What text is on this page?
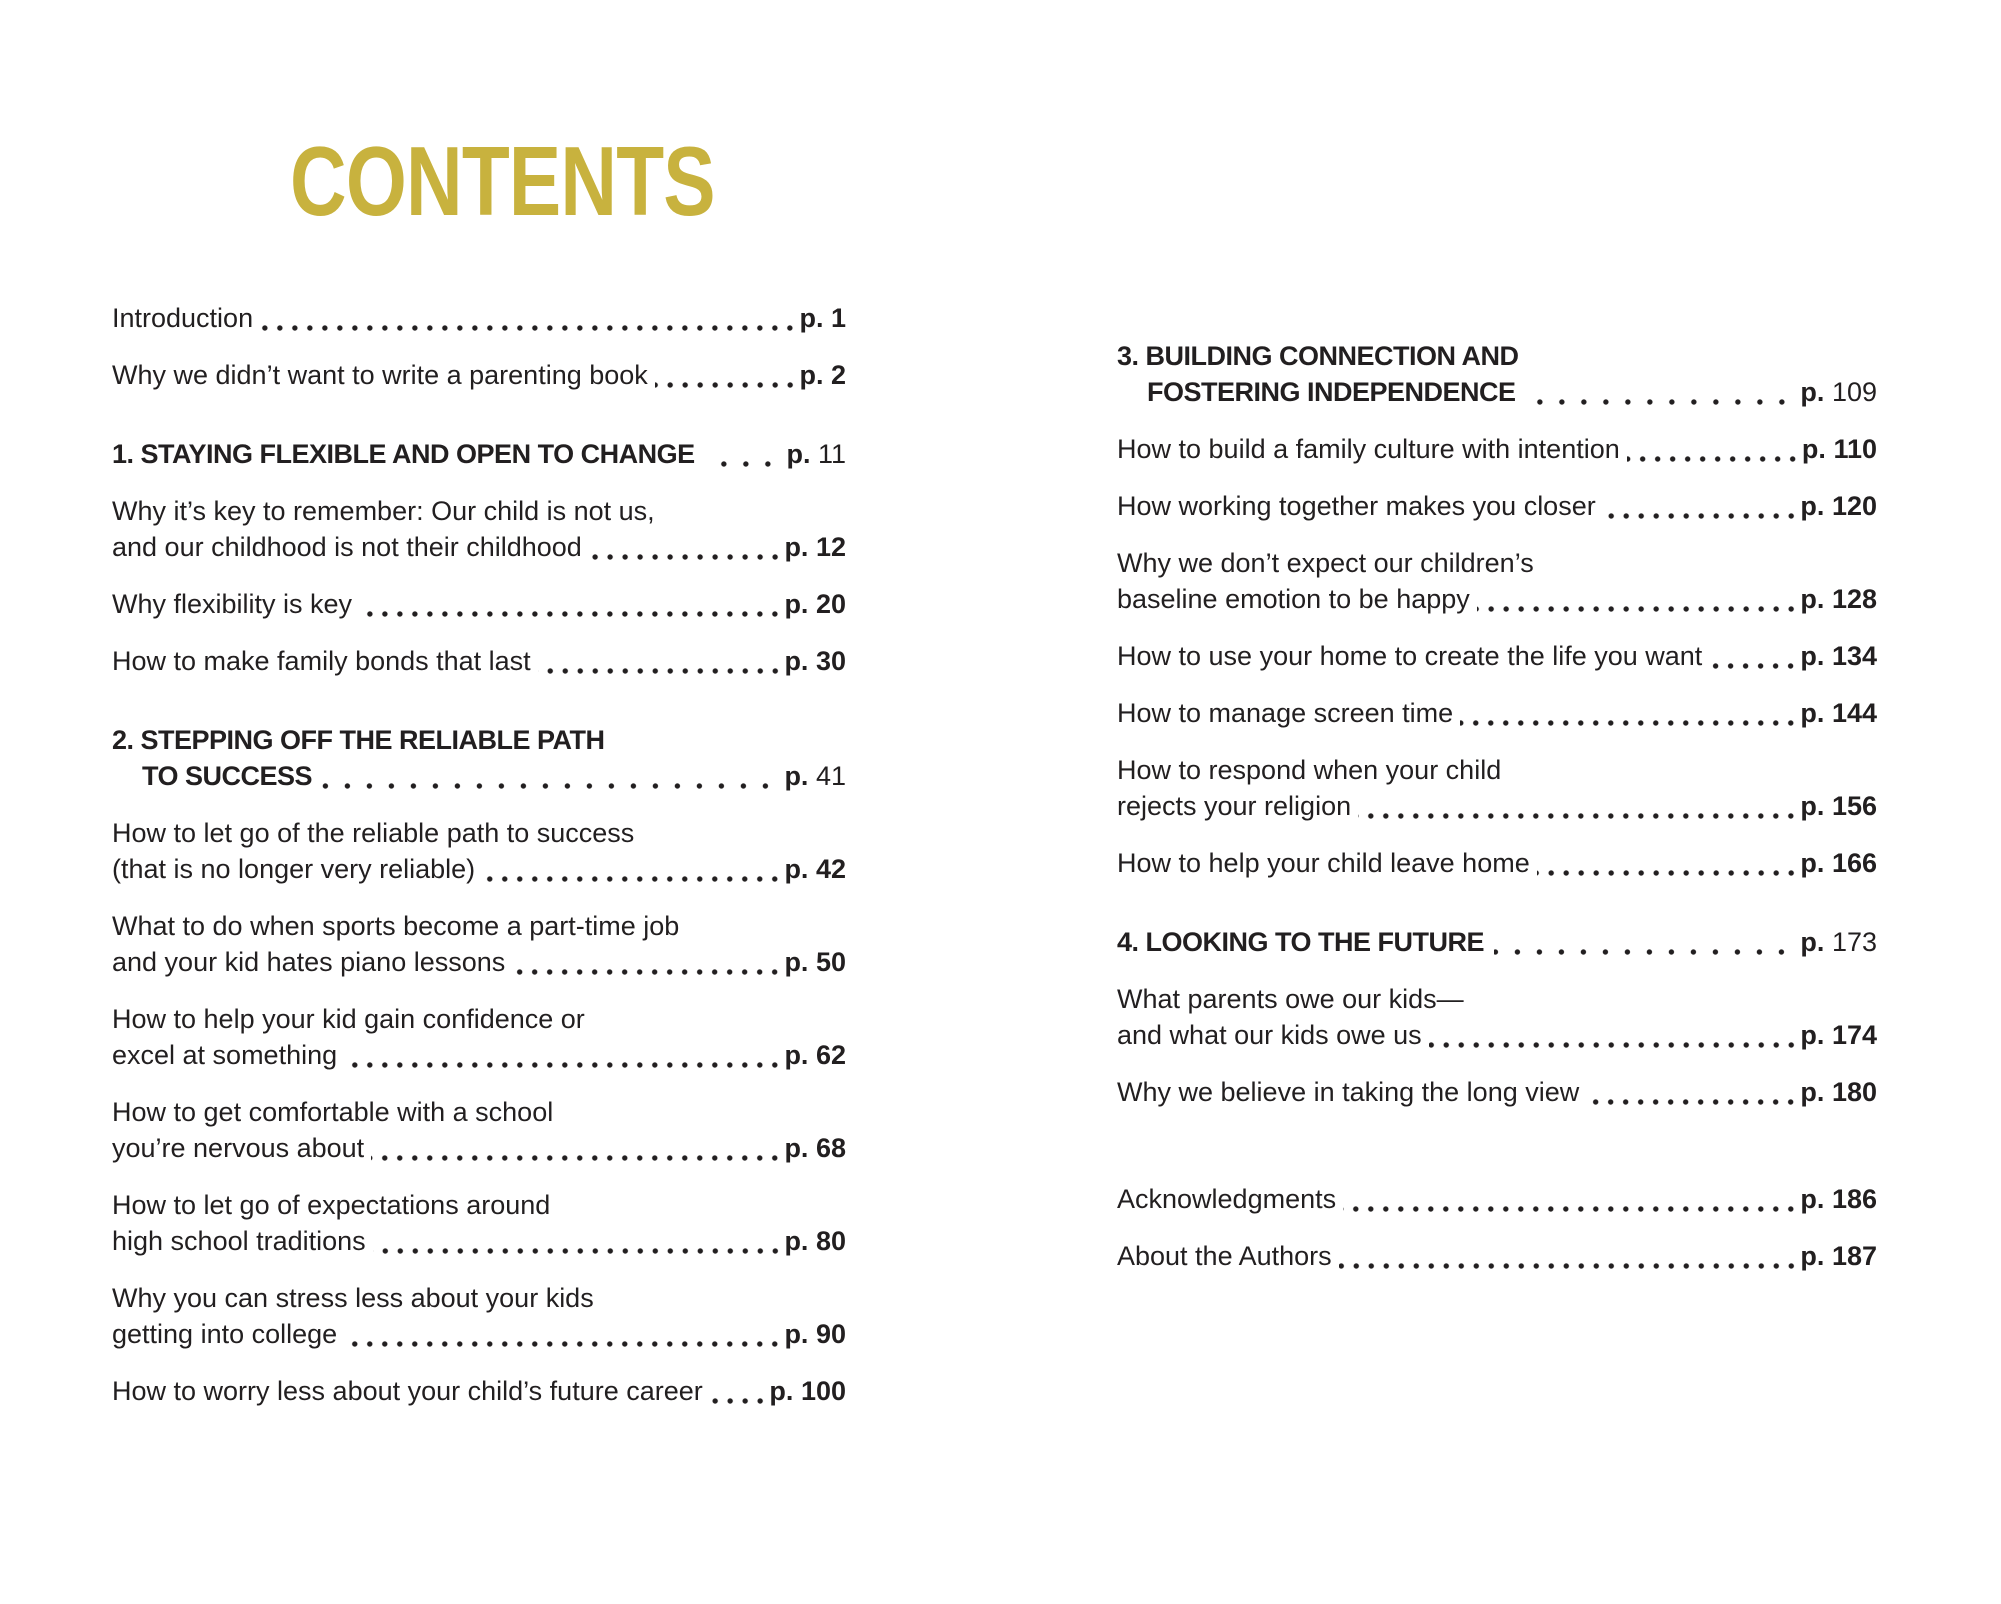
CONTENTS
Introduction	p. 1
Why we didn’t want to write a parenting book	p. 2
1. STAYING FLEXIBLE AND OPEN TO CHANGE	p. 11
Why it’s key to remember: Our child is not us,
and our childhood is not their childhood	p. 12
Why flexibility is key	p. 20
How to make family bonds that last	p. 30
2. STEPPING OFF THE RELIABLE PATH
TO SUCCESS	p. 41
How to let go of the reliable path to success
(that is no longer very reliable)	p. 42
What to do when sports become a part-time job
and your kid hates piano lessons	p. 50
How to help your kid gain confidence or
excel at something	p. 62
How to get comfortable with a school
you’re nervous about	p. 68
How to let go of expectations around
high school traditions	p. 80
Why you can stress less about your kids
getting into college	p. 90
How to worry less about your child’s future career p. 100
3. BUILDING CONNECTION AND
FOSTERING INDEPENDENCE	p. 109
How to build a family culture with intention	p. 110
How working together makes you closer	p. 120
Why we don’t expect our children’s
baseline emotion to be happy	p. 128
How to use your home to create the life you want	p. 134
How to manage screen time	p. 144
How to respond when your child
rejects your religion	p. 156
How to help your child leave home	p. 166
4. LOOKING TO THE FUTURE	p. 173
What parents owe our kids—
and what our kids owe us	p. 174
Why we believe in taking the long view	p. 180
Acknowledgments	p. 186
About the Authors	p. 187
